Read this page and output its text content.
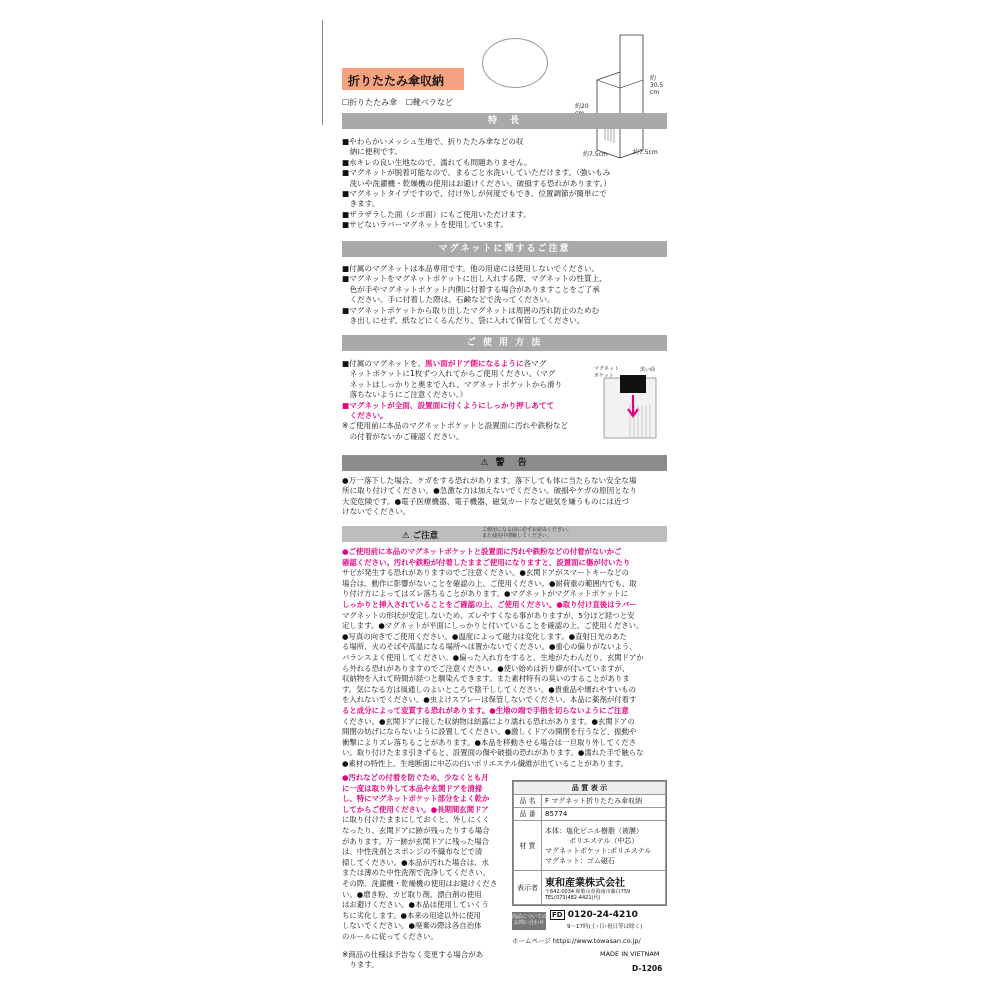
折りたたみ傘収納
☐折りたたみ傘 ☐靴ベラなど
約
30.5
cm
約20

約7.5cm	約7.5cm
特　長

■やわらかいメッシュ生地で、折りたたみ傘などの収

　納に便利です。

■水キレの良い生地なので、濡れても問題ありません。

■マグネットが脱着可能なので、まるごと水洗いしていただけます。（強いもみ

　洗いや洗濯機・乾燥機の使用はお避けください。破損する恐れがあります。）

■マグネットタイプですので、付け外しが何度でもでき、位置調節が簡単にで

　きます。

■ザラザラした面（シボ面）にもご使用いただけます。

■サビないラバーマグネットを使用しています。

マグネットに関するご注意

■付属のマグネットは本品専用です。他の用途には使用しないでください。

■マグネットをマグネットポケットに出し入れする際、マグネットの性質上、

　色が手やマグネットポケット内側に付着する場合がありますことをご了承

　ください。手に付着した際は、石鹸などで洗ってください。

■マグネットポケットから取り出したマグネットは周囲の汚れ防止のためむ

　き出しにせず、紙などにくるんだり、袋に入れて保管してください。

ご 使 用 方 法

■付属のマグネットを、黒い面がドア側になるように各マグ

　ネットポケットに1枚ずつ入れてからご使用ください。（マグ

　ネットはしっかりと奥まで入れ、マグネットポケットから滑り

　落ちないようにご注意ください。）

■マグネットが全面、設置面に付くようにしっかり押しあてて

　ください。

※ご使用前に本品のマグネットポケットと設置面に汚れや鉄粉など

　の付着がないかご確認ください。

マグネット
ポケット
黒い面
⚠ 警　告

●万一落下した場合、ケガをする恐れがあります。落下しても体に当たらない安全な場

所に取り付けてください。●急激な力は加えないでください。破損やケガの原因となり

大変危険です。●電子医療機器、電子機器、磁気カードなど磁気を嫌うものには近づ

けないでください。

⚠ ご注意
ご使用になる前に必ずお読みください。
また使用中理解してください。

●ご使用前に本品のマグネットポケットと設置面に汚れや鉄粉などの付着がないかご

確認ください。汚れや鉄粉が付着したままご使用になりますと、設置面に傷が付いたり

サビが発生する恐れがありますのでご注意ください。●玄関ドアがスマートキーなどの

場合は、動作に影響がないことを確認の上、ご使用ください。●耐荷重の範囲内でも、取

り付け方によってはズレ落ちることがあります。●マグネットがマグネットポケットに

しっかりと挿入されていることをご確認の上、ご使用ください。●取り付け直後はラバー

マグネットの形状が安定しないため、ズレやすくなる事がありますが、5分ほど経つと安

定します。●マグネットが平面にしっかりと付いていることを確認の上、ご使用ください。

●写真の向きでご使用ください。●温度によって磁力は変化します。●直射日光のあた

る場所、火のそばや高温になる場所へは置かないでください。●重心の偏りがないよう、

バランスよく使用してください。●偏った入れ方をすると、生地がたわんだり、玄関ドアか

ら外れる恐れがありますのでご注意ください。●使い始めは折り癖が付いていますが、

収納物を入れて時間が経つと馴染んできます。また素材特有の臭いのすることがありま

す。気になる方は風通しのよいところで陰干ししてください。●貴重品や壊れやすいもの

を入れないでください。●虫よけスプレーは保管しないでください。本品に薬剤が付着す

ると成分によって変質する恐れがあります。●生地の端で手指を切らないようにご注意

ください。●玄関ドアに接した収納物は結露により濡れる恐れがあります。●玄関ドアの

開閉の妨げにならないように設置してください。●激しくドアの開閉を行うなど、振動や

衝撃によりズレ落ちることがあります。●本品を移動させる場合は一旦取り外してくださ

い。取り付けたまま引きずると、設置面の傷や破損の恐れがあります。●濡れた手で触らな

●素材の特性上、生地断面に中芯の白いポリエステル繊維が出ていることがあります。

●汚れなどの付着を防ぐため、少なくとも月

に一度は取り外して本品や玄関ドアを清掃

し、特にマグネットポケット部分をよく乾か

してからご使用ください。●長期間玄関ドア

に取り付けたままにしておくと、外しにくく

なったり、玄関ドアに跡が残ったりする場合

があります。万一跡が玄関ドアに残った場合

は、中性洗剤とスポンジの不織布などで清

掃してください。●本品が汚れた場合は、水

または薄めた中性洗剤で洗浄してください。

その際、洗濯機・乾燥機の使用はお避けくださ

い。●磨き粉、カビ取り剤、漂白剤の使用

はお避けください。●本品は使用していくう

ちに劣化します。●本来の用途以外に使用

しないでください。●廃棄の際は各自治体

のルールに従ってください。

品 質 表 示	
品 名	F マグネット折りたたみ傘収納
品 番	85774
材 質	本体：塩化ビニル樹脂（被膜）
ポリエステル（中芯）
マグネットポケット:ポリエステル
マグネット：ゴム磁石

表示者	東和産業株式会社
〒642-0034 和歌山県海南市藤白759
TEL(073)482-4421(代)
商品についての
お問い合わせ
FD 0120-24-4210
9～17時(土･日･祝日等は除く)
ホームページ https://www.towasan.co.jp/
MADE IN VIETNAM
D-1206

※商品の仕様は予告なく変更する場合があ

　ります。
